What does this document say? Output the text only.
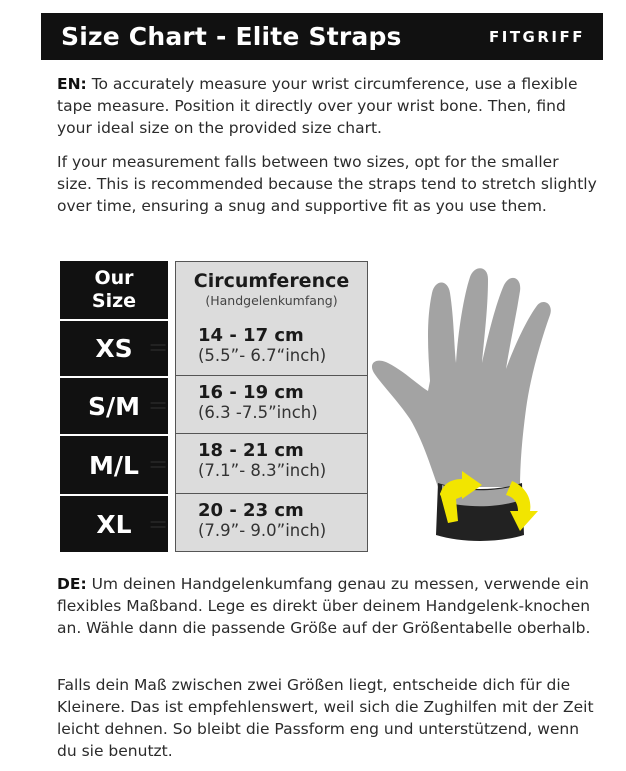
Size Chart - Elite Straps	FITGRIFF
EN: To accurately measure your wrist circumference, use a flexible tape measure. Position it directly over your wrist bone. Then, find your ideal size on the provided size chart.
If your measurement falls between two sizes, opt for the smaller size. This is recommended because the straps tend to stretch slightly over time, ensuring a snug and supportive fit as you use them.
Our
Size
Circumference
(Handgelenkumfang)
XS = 14 - 17 cm
(5.5”- 6.7“inch)
S/M = 16 - 19 cm
(6.3 -7.5”inch)
M/L = 18 - 21 cm
(7.1”- 8.3”inch)
XL = 20 - 23 cm
(7.9”- 9.0”inch)
DE: Um deinen Handgelenkumfang genau zu messen, verwende ein flexibles Maßband. Lege es direkt über deinem Handgelenk-knochen an. Wähle dann die passende Größe auf der Größentabelle oberhalb.
Falls dein Maß zwischen zwei Größen liegt, entscheide dich für die Kleinere. Das ist empfehlenswert, weil sich die Zughilfen mit der Zeit leicht dehnen. So bleibt die Passform eng und unterstützend, wenn du sie benutzt.
